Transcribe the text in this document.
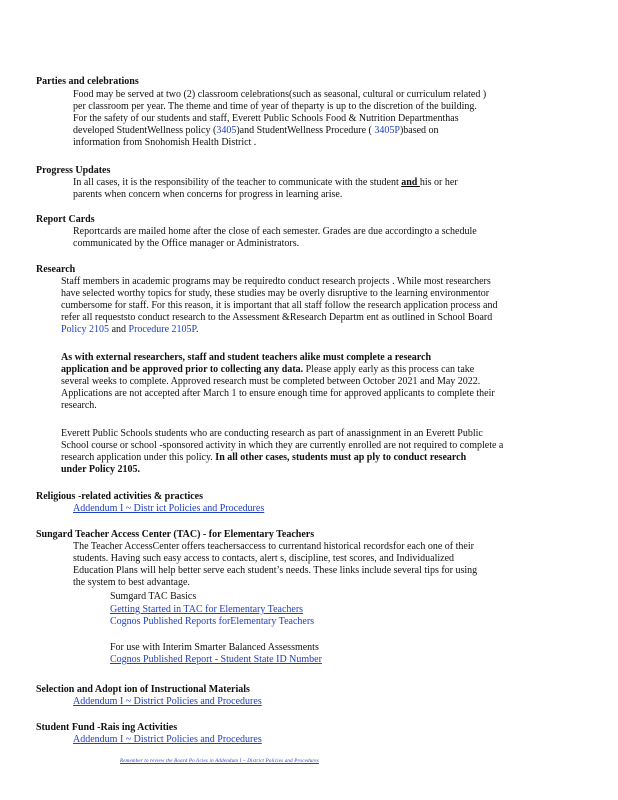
Parties and celebrations
Food may be served at two (2) classroom celebrations(such as seasonal, cultural or curriculum related )
per classroom per year. The theme and time of year of theparty is up to the discretion of the building.
For the safety of our students and staff, Everett Public Schools Food & Nutrition Departmenthas
developed StudentWellness policy (3405)and StudentWellness Procedure ( 3405P)based on
information from Snohomish Health District .
Progress Updates
In all cases, it is the responsibility of the teacher to communicate with the student and his or her
parents when concern when concerns for progress in learning arise.
Report Cards
Reportcards are mailed home after the close of each semester. Grades are due accordingto a schedule
communicated by the Office manager or Administrators.
Research
Staff members in academic programs may be requiredto conduct research projects . While most researchers
have selected worthy topics for study, these studies may be overly disruptive to the learning environmentor
cumbersome for staff. For this reason, it is important that all staff follow the research application process and
refer all requeststo conduct research to the Assessment &Research Departm ent as outlined in School Board
Policy 2105 and Procedure 2105P.
As with external researchers, staff and student teachers alike must complete a research
application and be approved prior to collecting any data. Please apply early as this process can take
several weeks to complete. Approved research must be completed between October 2021 and May 2022.
Applications are not accepted after March 1 to ensure enough time for approved applicants to complete their
research.
Everett Public Schools students who are conducting research as part of anassignment in an Everett Public
School course or school -sponsored activity in which they are currently enrolled are not required to complete a
research application under this policy. In all other cases, students must ap ply to conduct research
under Policy 2105.
Religious -related activities & practices
Addendum I ~ Distr ict Policies and Procedures
Sungard Teacher Access Center (TAC) - for Elementary Teachers
The Teacher AccessCenter offers teachersaccess to currentand historical recordsfor each one of their
students. Having such easy access to contacts, alert s, discipline, test scores, and Individualized
Education Plans will help better serve each student’s needs. These links include several tips for using
the system to best advantage.
Sumgard TAC Basics
Getting Started in TAC for Elementary Teachers
Cognos Published Reports forElementary Teachers
For use with Interim Smarter Balanced Assessments
Cognos Published Report - Student State ID Number
Selection and Adopt ion of Instructional Materials
Addendum I ~ District Policies and Procedures
Student Fund -Rais ing Activities
Addendum I ~ District Policies and Procedures
Remember to review the Board Po licies in Addendum I ~ District Policies and Procedures
